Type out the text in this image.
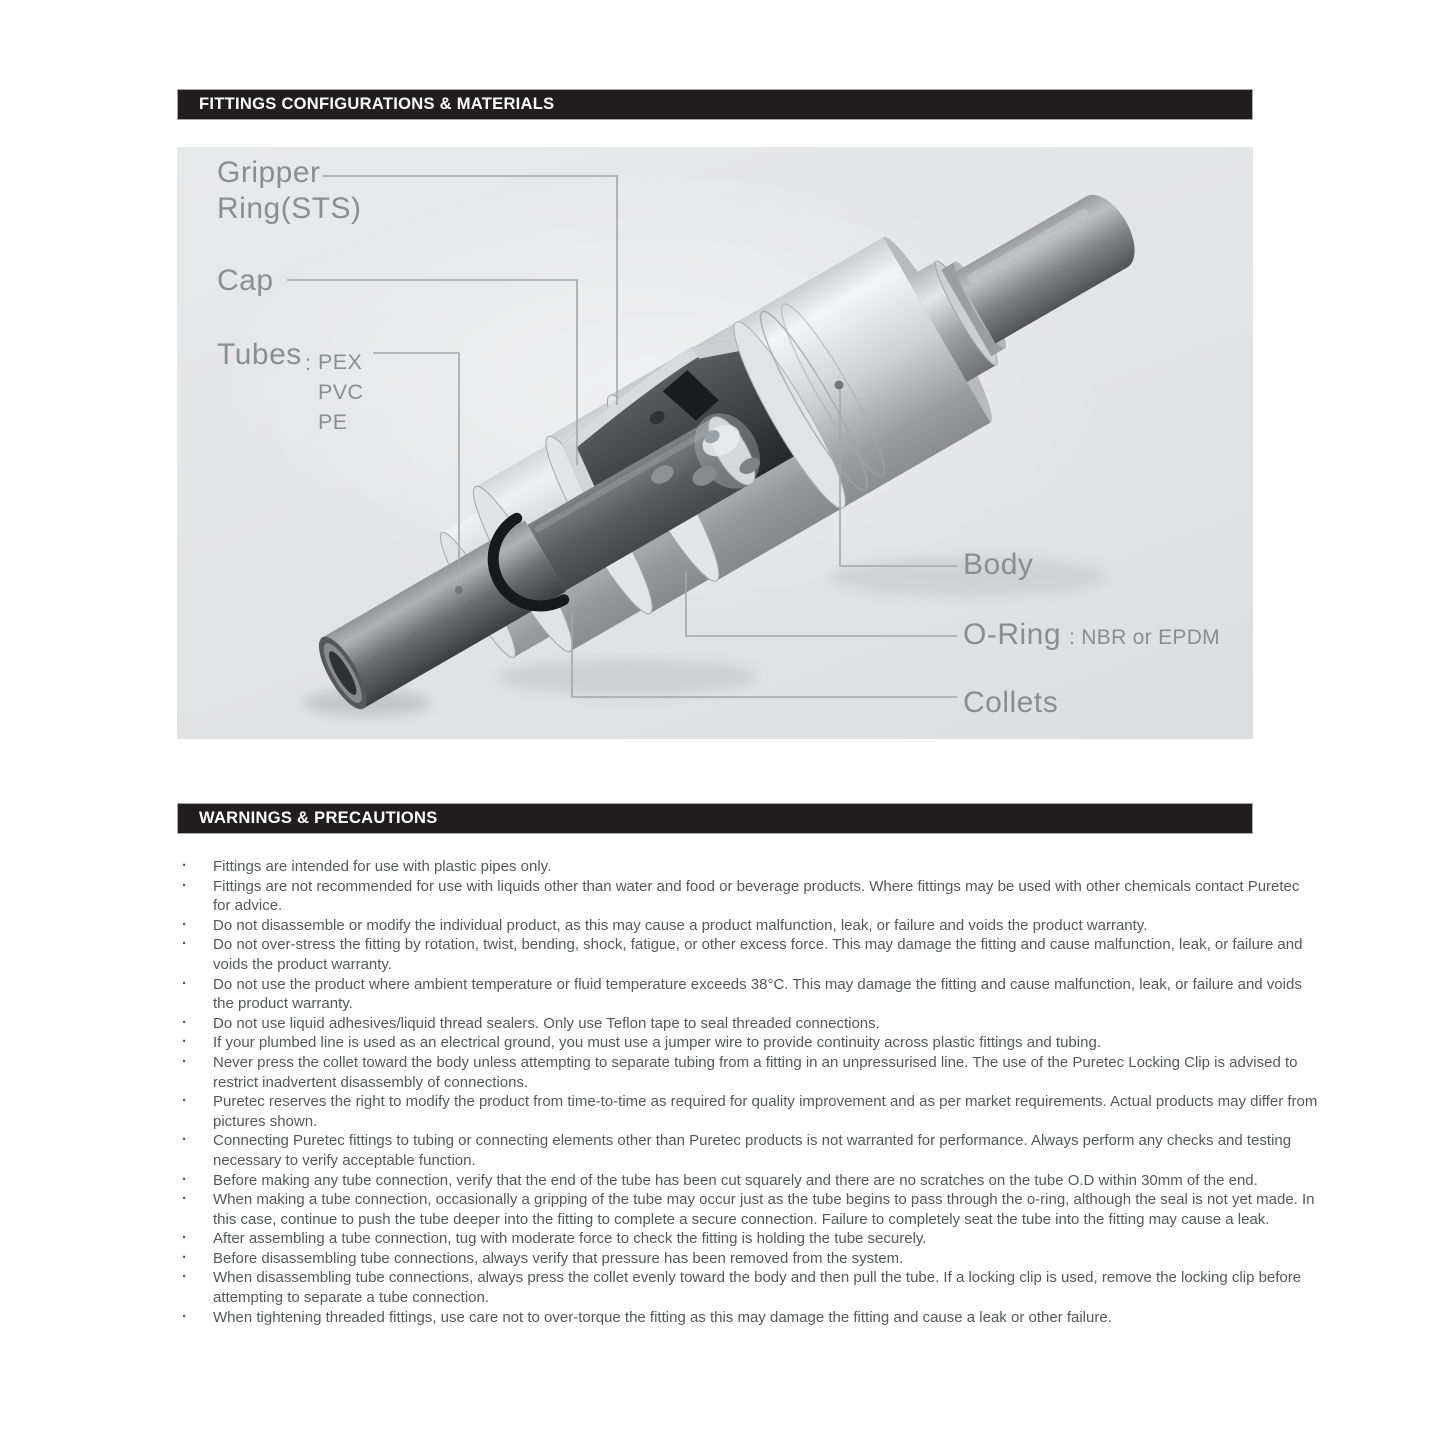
FITTINGS CONFIGURATIONS & MATERIALS
Gripper
Ring(STS)
Cap
Tubes : PEX
PVC
PE
Body
O-Ring : NBR or EPDM
Collets
WARNINGS & PRECAUTIONS
· Fittings are intended for use with plastic pipes only.
· Fittings are not recommended for use with liquids other than water and food or beverage products. Where fittings may be used with other chemicals contact Puretec for advice.
· Do not disassemble or modify the individual product, as this may cause a product malfunction, leak, or failure and voids the product warranty.
· Do not over-stress the fitting by rotation, twist, bending, shock, fatigue, or other excess force. This may damage the fitting and cause malfunction, leak, or failure and voids the product warranty.
· Do not use the product where ambient temperature or fluid temperature exceeds 38°C. This may damage the fitting and cause malfunction, leak, or failure and voids the product warranty.
· Do not use liquid adhesives/liquid thread sealers. Only use Teflon tape to seal threaded connections.
· If your plumbed line is used as an electrical ground, you must use a jumper wire to provide continuity across plastic fittings and tubing.
· Never press the collet toward the body unless attempting to separate tubing from a fitting in an unpressurised line. The use of the Puretec Locking Clip is advised to restrict inadvertent disassembly of connections.
· Puretec reserves the right to modify the product from time-to-time as required for quality improvement and as per market requirements. Actual products may differ from pictures shown.
· Connecting Puretec fittings to tubing or connecting elements other than Puretec products is not warranted for performance. Always perform any checks and testing necessary to verify acceptable function.
· Before making any tube connection, verify that the end of the tube has been cut squarely and there are no scratches on the tube O.D within 30mm of the end.
· When making a tube connection, occasionally a gripping of the tube may occur just as the tube begins to pass through the o-ring, although the seal is not yet made. In this case, continue to push the tube deeper into the fitting to complete a secure connection. Failure to completely seat the tube into the fitting may cause a leak.
· After assembling a tube connection, tug with moderate force to check the fitting is holding the tube securely.
· Before disassembling tube connections, always verify that pressure has been removed from the system.
· When disassembling tube connections, always press the collet evenly toward the body and then pull the tube. If a locking clip is used, remove the locking clip before attempting to separate a tube connection.
· When tightening threaded fittings, use care not to over-torque the fitting as this may damage the fitting and cause a leak or other failure.
